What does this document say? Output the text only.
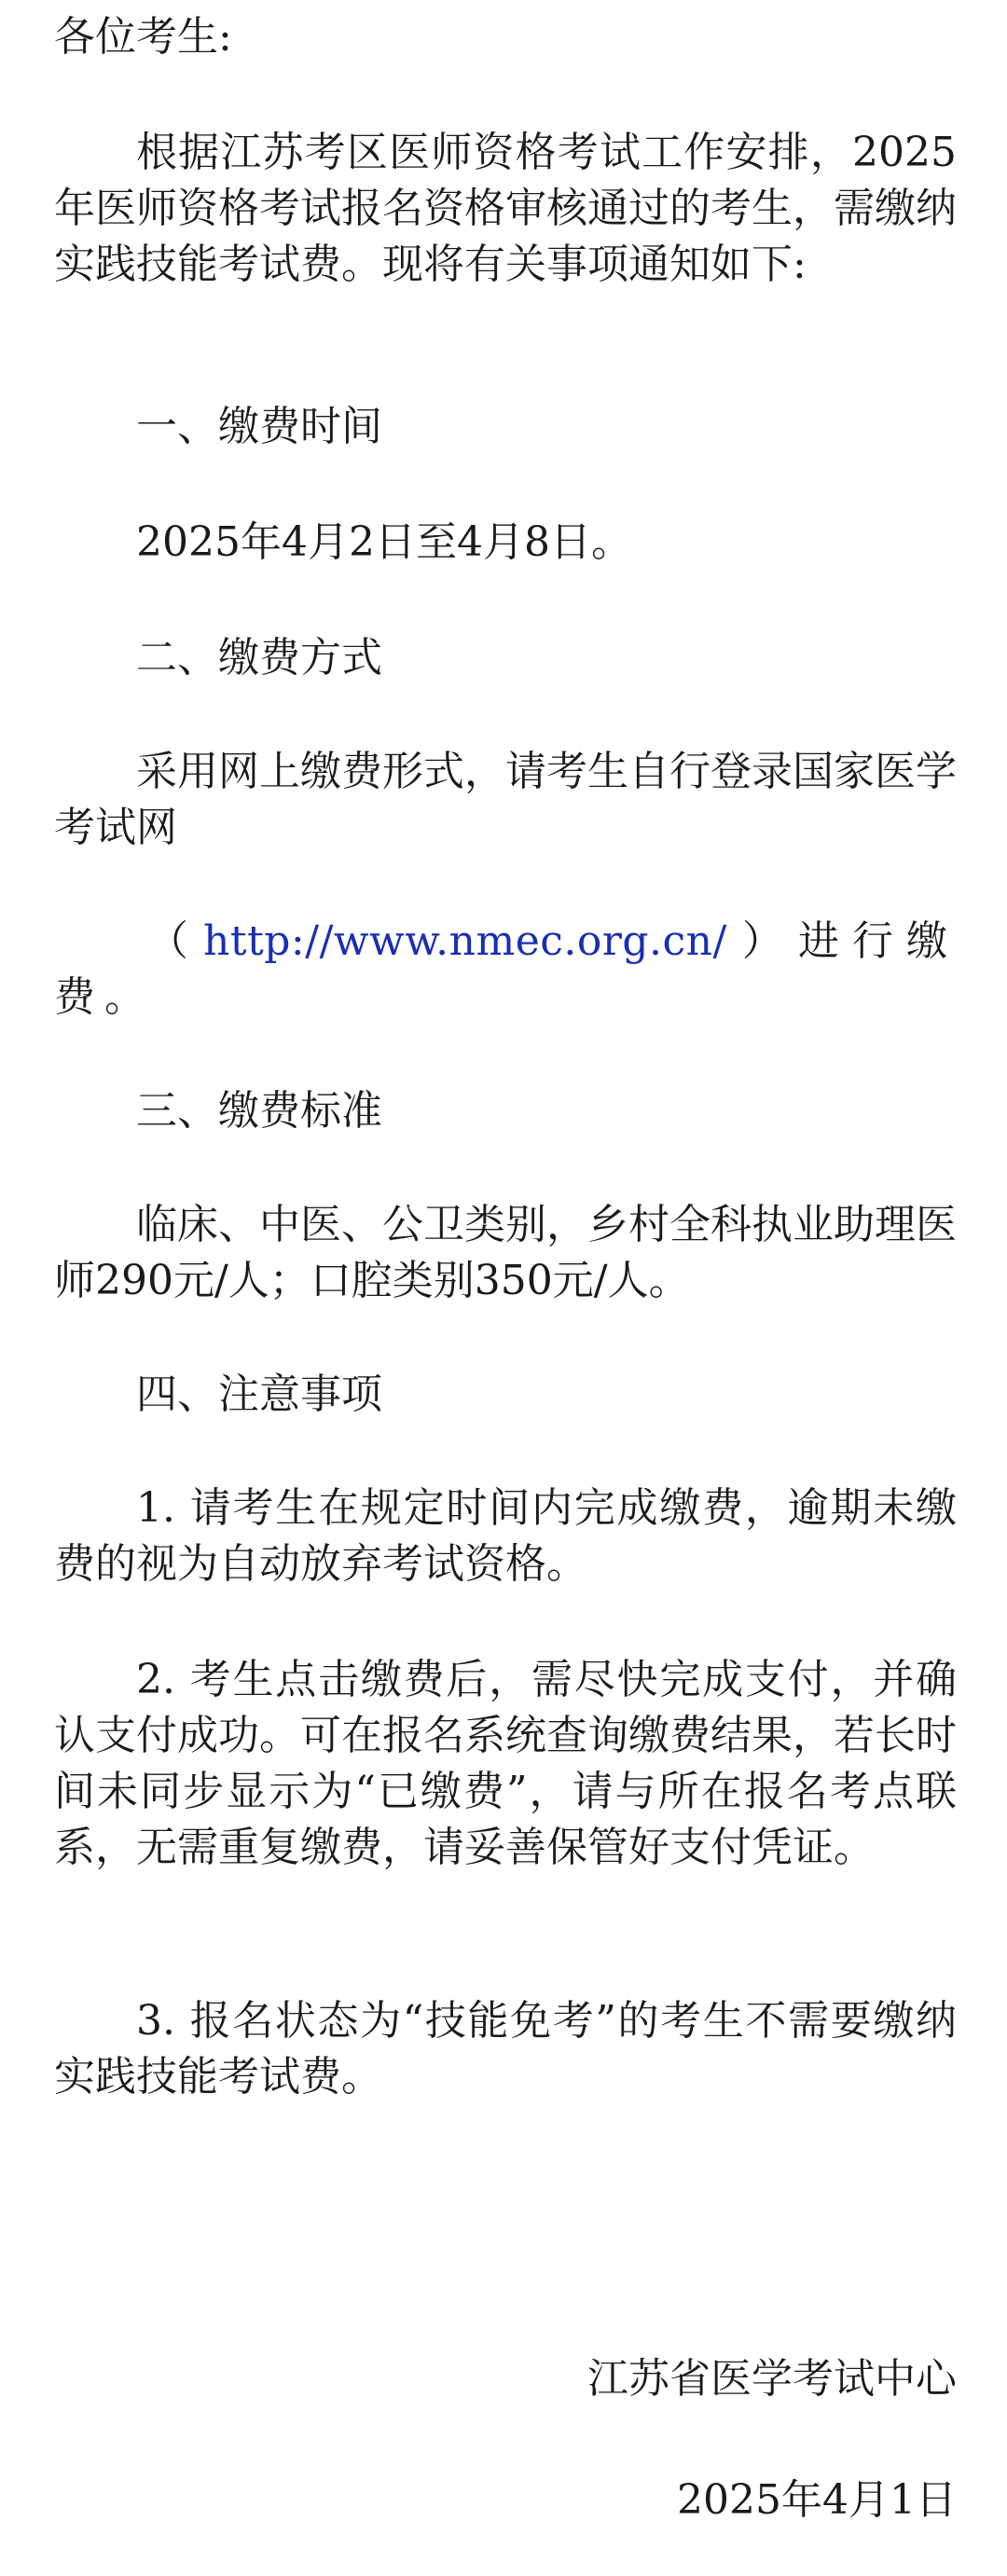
各位考生:

根据江苏考区医师资格考试工作安排，2025年医师资格考试报名资格审核通过的考生，需缴纳实践技能考试费。现将有关事项通知如下:

一、缴费时间

2025年4月2日至4月8日。

二、缴费方式

采用网上缴费形式，请考生自行登录国家医学考试网

（ http://www.nmec.org.cn/ ） 进行缴费。

三、缴费标准

临床、中医、公卫类别，乡村全科执业助理医师290元/人；口腔类别350元/人。

四、注意事项

1. 请考生在规定时间内完成缴费，逾期未缴费的视为自动放弃考试资格。

2. 考生点击缴费后，需尽快完成支付，并确认支付成功。可在报名系统查询缴费结果，若长时间未同步显示为“已缴费”，请与所在报名考点联系，无需重复缴费，请妥善保管好支付凭证。

3. 报名状态为“技能免考”的考生不需要缴纳实践技能考试费。

江苏省医学考试中心

2025年4月1日
